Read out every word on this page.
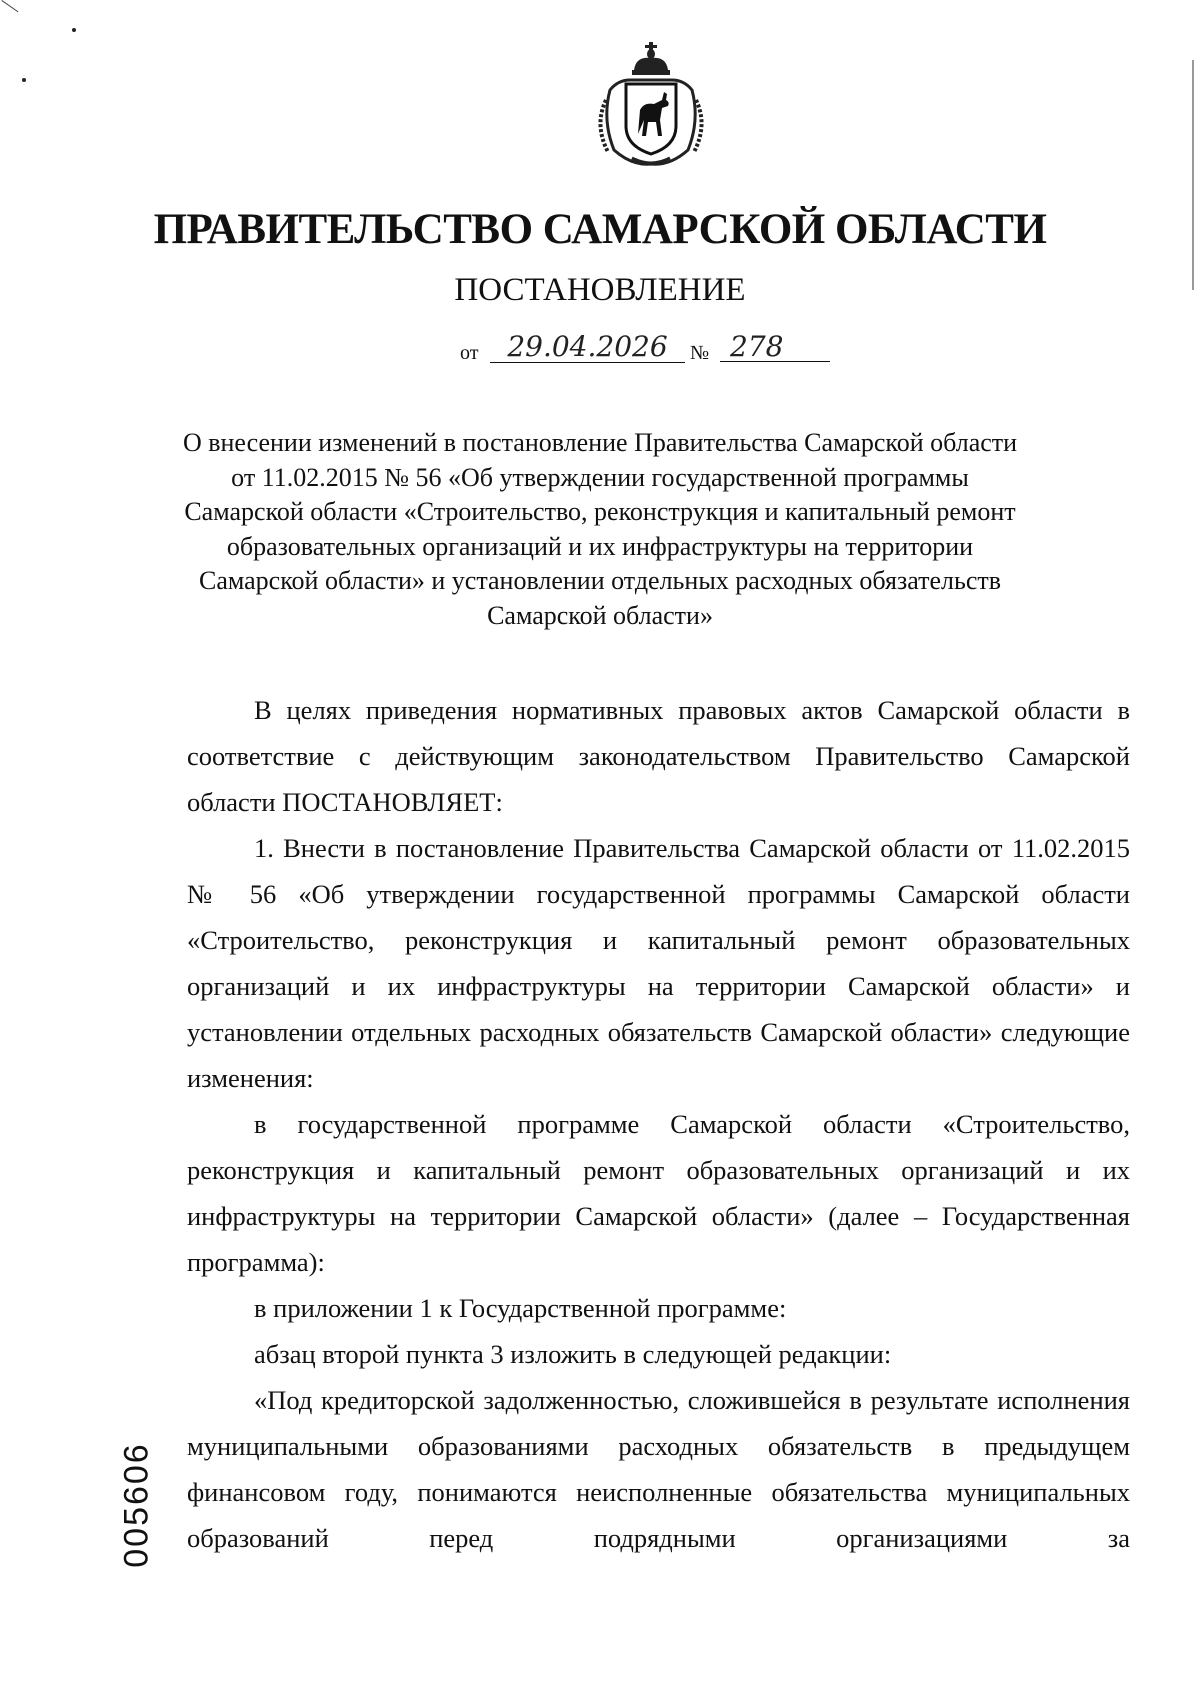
ПРАВИТЕЛЬСТВО САМАРСКОЙ ОБЛАСТИ
ПОСТАНОВЛЕНИЕ
от	29.04.2026	№ 278
О внесении изменений в постановление Правительства Самарской области
от 11.02.2015 № 56 «Об утверждении государственной программы
Самарской области «Строительство, реконструкция и капитальный ремонт
образовательных организаций и их инфраструктуры на территории
Самарской области» и установлении отдельных расходных обязательств
Самарской области»

В целях приведения нормативных правовых актов Самарской области в соответствие с действующим законодательством Правительство Самарской области ПОСТАНОВЛЯЕТ:

1. Внести в постановление Правительства Самарской области от 11.02.2015 № 56 «Об утверждении государственной программы Самарской области «Строительство, реконструкция и капитальный ремонт образовательных организаций и их инфраструктуры на территории Самарской области» и установлении отдельных расходных обязательств Самарской области» следующие изменения:

в государственной программе Самарской области «Строительство, реконструкция и капитальный ремонт образовательных организаций и их инфраструктуры на территории Самарской области» (далее – Государственная программа):

в приложении 1 к Государственной программе:

абзац второй пункта 3 изложить в следующей редакции:

«Под кредиторской задолженностью, сложившейся в результате исполнения муниципальными образованиями расходных обязательств в предыдущем финансовом году, понимаются неисполненные обязательства муниципальных образований перед подрядными организациями за

005606
